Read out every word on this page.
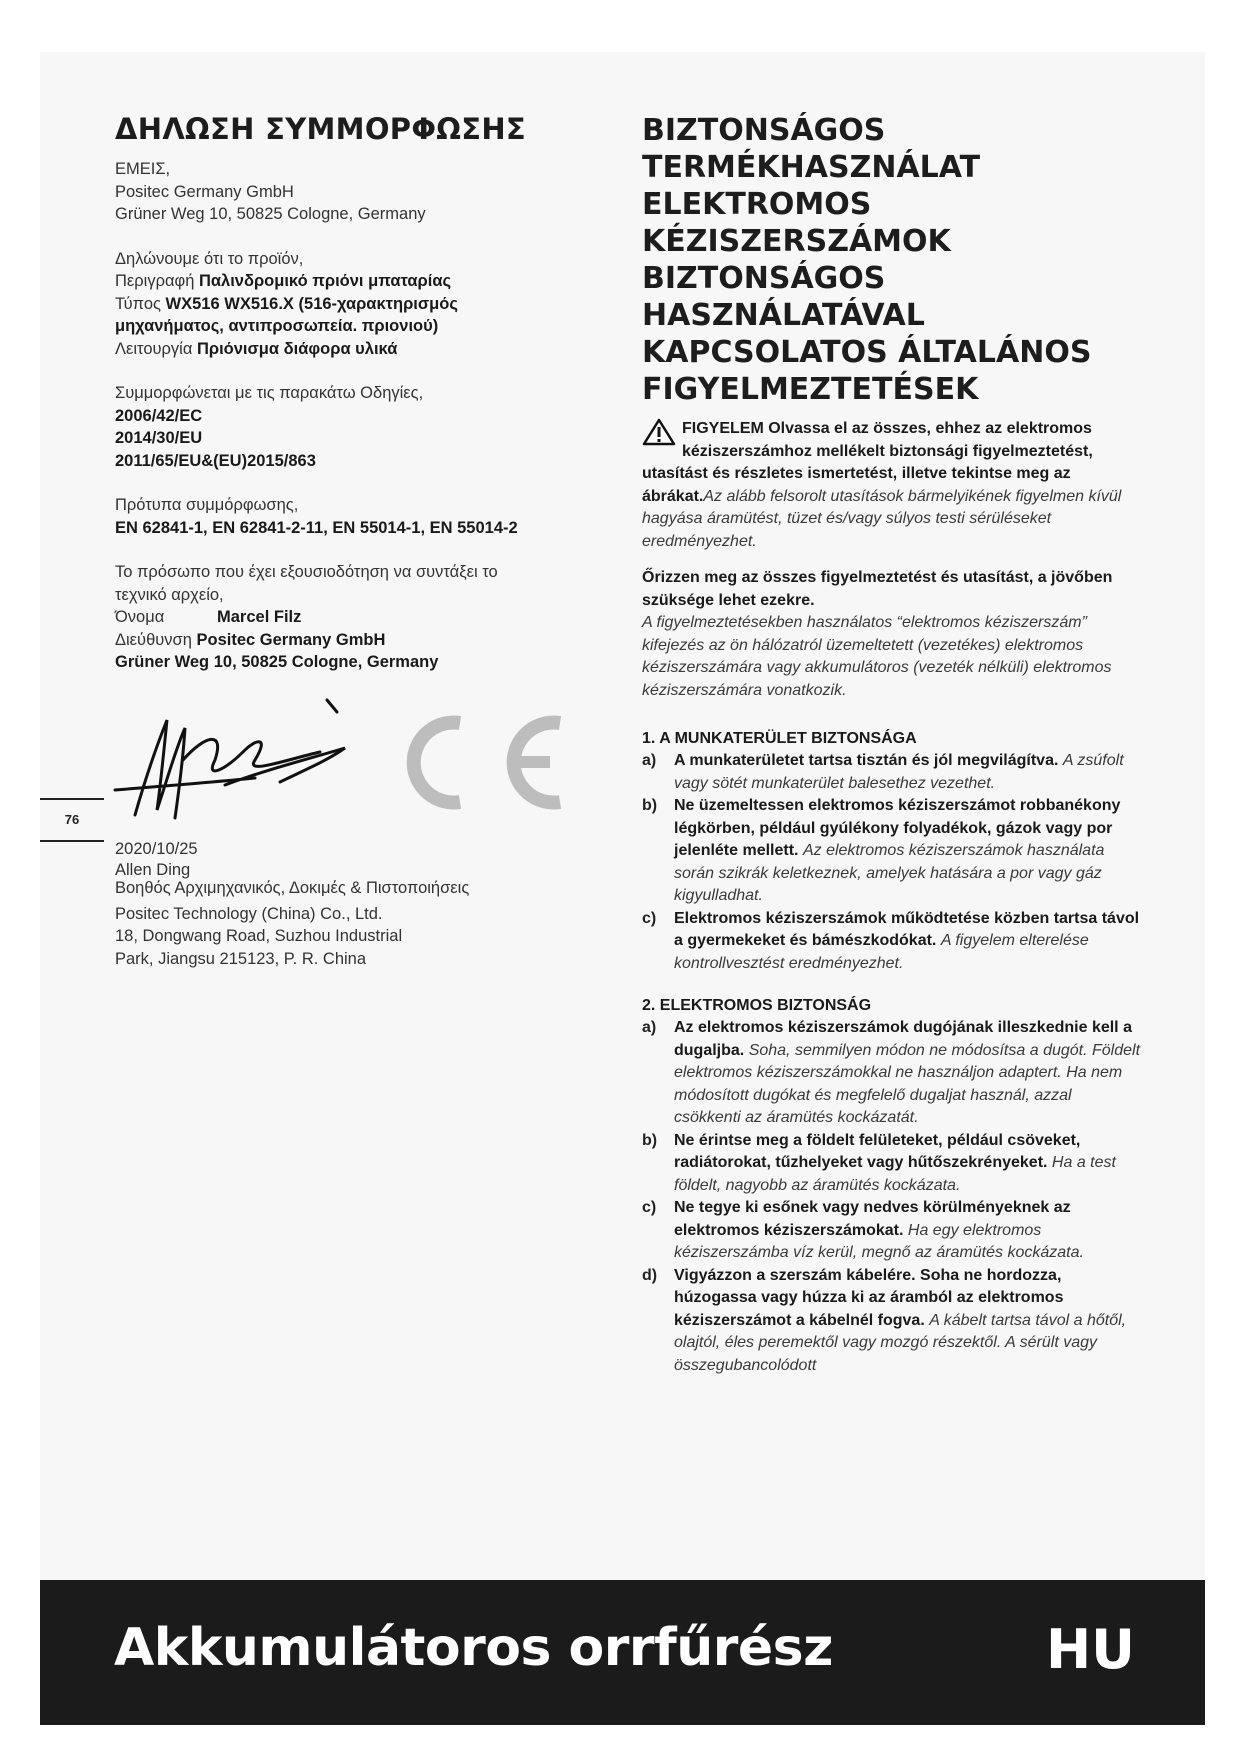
ΔΗΛΩΣΗ ΣΥΜΜΟΡΦΩΣΗΣ

ΕΜΕΙΣ,

Positec Germany GmbH

Grüner Weg 10, 50825 Cologne, Germany

Δηλώνουμε ότι το προϊόν,

Περιγραφή Παλινδρομικό πριόνι μπαταρίας

Τύπος WX516 WX516.X (516-χαρακτηρισμός

μηχανήματος, αντιπροσωπεία. πριονιού)

Λειτουργία Πριόνισμα διάφορα υλικά

Συμμορφώνεται με τις παρακάτω Οδηγίες,

2006/42/EC

2014/30/EU

2011/65/EU&(EU)2015/863

Πρότυπα συμμόρφωσης,

EN 62841-1, EN 62841-2-11, EN 55014-1, EN 55014-2

Το πρόσωπο που έχει εξουσιοδότηση να συντάξει το

τεχνικό αρχείο,

Όνομα	Marcel Filz

Διεύθυνση Positec Germany GmbH

Grüner Weg 10, 50825 Cologne, Germany

76

2020/10/25

Allen Ding

Βοηθός Αρχιμηχανικός, Δοκιμές & Πιστοποιήσεις

Positec Technology (China) Co., Ltd.

18, Dongwang Road, Suzhou Industrial

Park, Jiangsu 215123, P. R. China

BIZTONSÁGOS
TERMÉKHASZNÁLAT
ELEKTROMOS
KÉZISZERSZÁMOK
BIZTONSÁGOS
HASZNÁLATÁVAL
KAPCSOLATOS ÁLTALÁNOS
FIGYELMEZTETÉSEK

FIGYELEM Olvassa el az összes, ehhez az elektromos kéziszerszámhoz mellékelt biztonsági figyelmeztetést, utasítást és részletes ismertetést, illetve tekintse meg az ábrákat.Az alább felsorolt utasítások bármelyikének figyelmen kívül hagyása áramütést, tüzet és/vagy súlyos testi sérüléseket eredményezhet.

Őrizzen meg az összes figyelmeztetést és utasítást, a jövőben szüksége lehet ezekre.
A figyelmeztetésekben használatos “elektromos kéziszerszám” kifejezés az ön hálózatról üzemeltetett (vezetékes) elektromos kéziszerszámára vagy akkumulátoros (vezeték nélküli) elektromos kéziszerszámára vonatkozik.

1. A MUNKATERÜLET BIZTONSÁGA

a) A munkaterületet tartsa tisztán és jól megvilágítva. A zsúfolt vagy sötét munkaterület balesethez vezethet.

b) Ne üzemeltessen elektromos kéziszerszámot robbanékony légkörben, például gyúlékony folyadékok, gázok vagy por jelenléte mellett. Az elektromos kéziszerszámok használata során szikrák keletkeznek, amelyek hatására a por vagy gáz kigyulladhat.

c) Elektromos kéziszerszámok működtetése közben tartsa távol a gyermekeket és bámészkodókat. A figyelem elterelése kontrollvesztést eredményezhet.

2. ELEKTROMOS BIZTONSÁG

a) Az elektromos kéziszerszámok dugójának illeszkednie kell a dugaljba. Soha, semmilyen módon ne módosítsa a dugót. Földelt elektromos kéziszerszámokkal ne használjon adaptert. Ha nem módosított dugókat és megfelelő dugaljat használ, azzal csökkenti az áramütés kockázatát.

b) Ne érintse meg a földelt felületeket, például csöveket, radiátorokat, tűzhelyeket vagy hűtőszekrényeket. Ha a test földelt, nagyobb az áramütés kockázata.

c) Ne tegye ki esőnek vagy nedves körülményeknek az elektromos kéziszerszámokat. Ha egy elektromos kéziszerszámba víz kerül, megnő az áramütés kockázata.

d) Vigyázzon a szerszám kábelére. Soha ne hordozza, húzogassa vagy húzza ki az áramból az elektromos kéziszerszámot a kábelnél fogva. A kábelt tartsa távol a hőtől, olajtól, éles peremektől vagy mozgó részektől. A sérült vagy összegubancolódott

Akkumulátoros orrfűrész	HU
